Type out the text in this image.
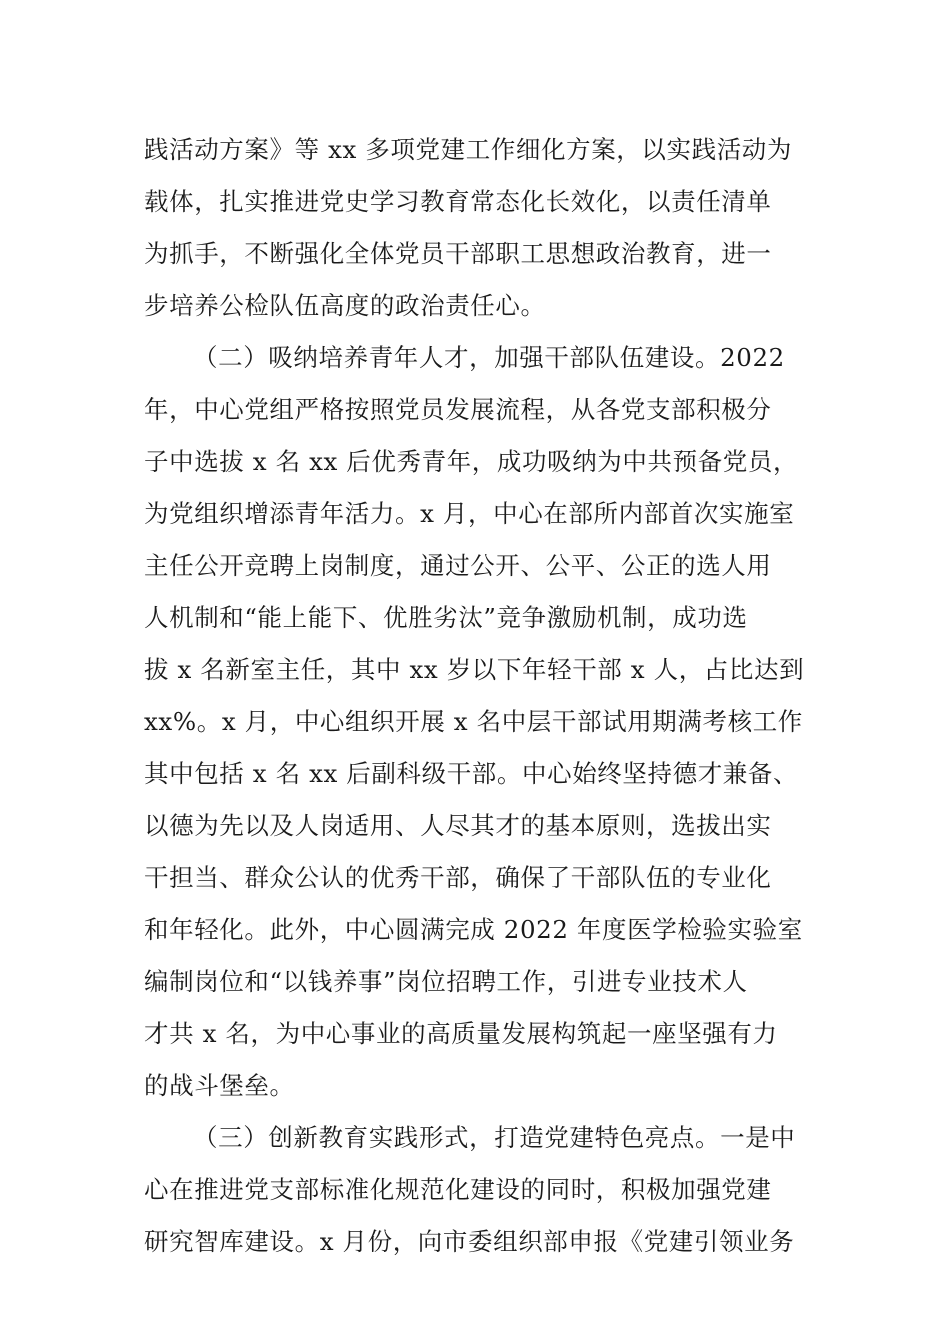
践活动方案》等 xx 多项党建工作细化方案，以实践活动为
载体，扎实推进党史学习教育常态化长效化，以责任清单
为抓手，不断强化全体党员干部职工思想政治教育，进一
步培养公检队伍高度的政治责任心。
（二）吸纳培养青年人才，加强干部队伍建设。2022
年，中心党组严格按照党员发展流程，从各党支部积极分
子中选拔 x 名 xx 后优秀青年，成功吸纳为中共预备党员，
为党组织增添青年活力。x 月，中心在部所内部首次实施室
主任公开竞聘上岗制度，通过公开、公平、公正的选人用
人机制和“能上能下、优胜劣汰”竞争激励机制，成功选
拔 x 名新室主任，其中 xx 岁以下年轻干部 x 人，占比达到
xx%。x 月，中心组织开展 x 名中层干部试用期满考核工作
其中包括 x 名 xx 后副科级干部。中心始终坚持德才兼备、
以德为先以及人岗适用、人尽其才的基本原则，选拔出实
干担当、群众公认的优秀干部，确保了干部队伍的专业化
和年轻化。此外，中心圆满完成 2022 年度医学检验实验室
编制岗位和“以钱养事”岗位招聘工作，引进专业技术人
才共 x 名，为中心事业的高质量发展构筑起一座坚强有力
的战斗堡垒。
（三）创新教育实践形式，打造党建特色亮点。一是中
心在推进党支部标准化规范化建设的同时，积极加强党建
研究智库建设。x 月份，向市委组织部申报《党建引领业务
